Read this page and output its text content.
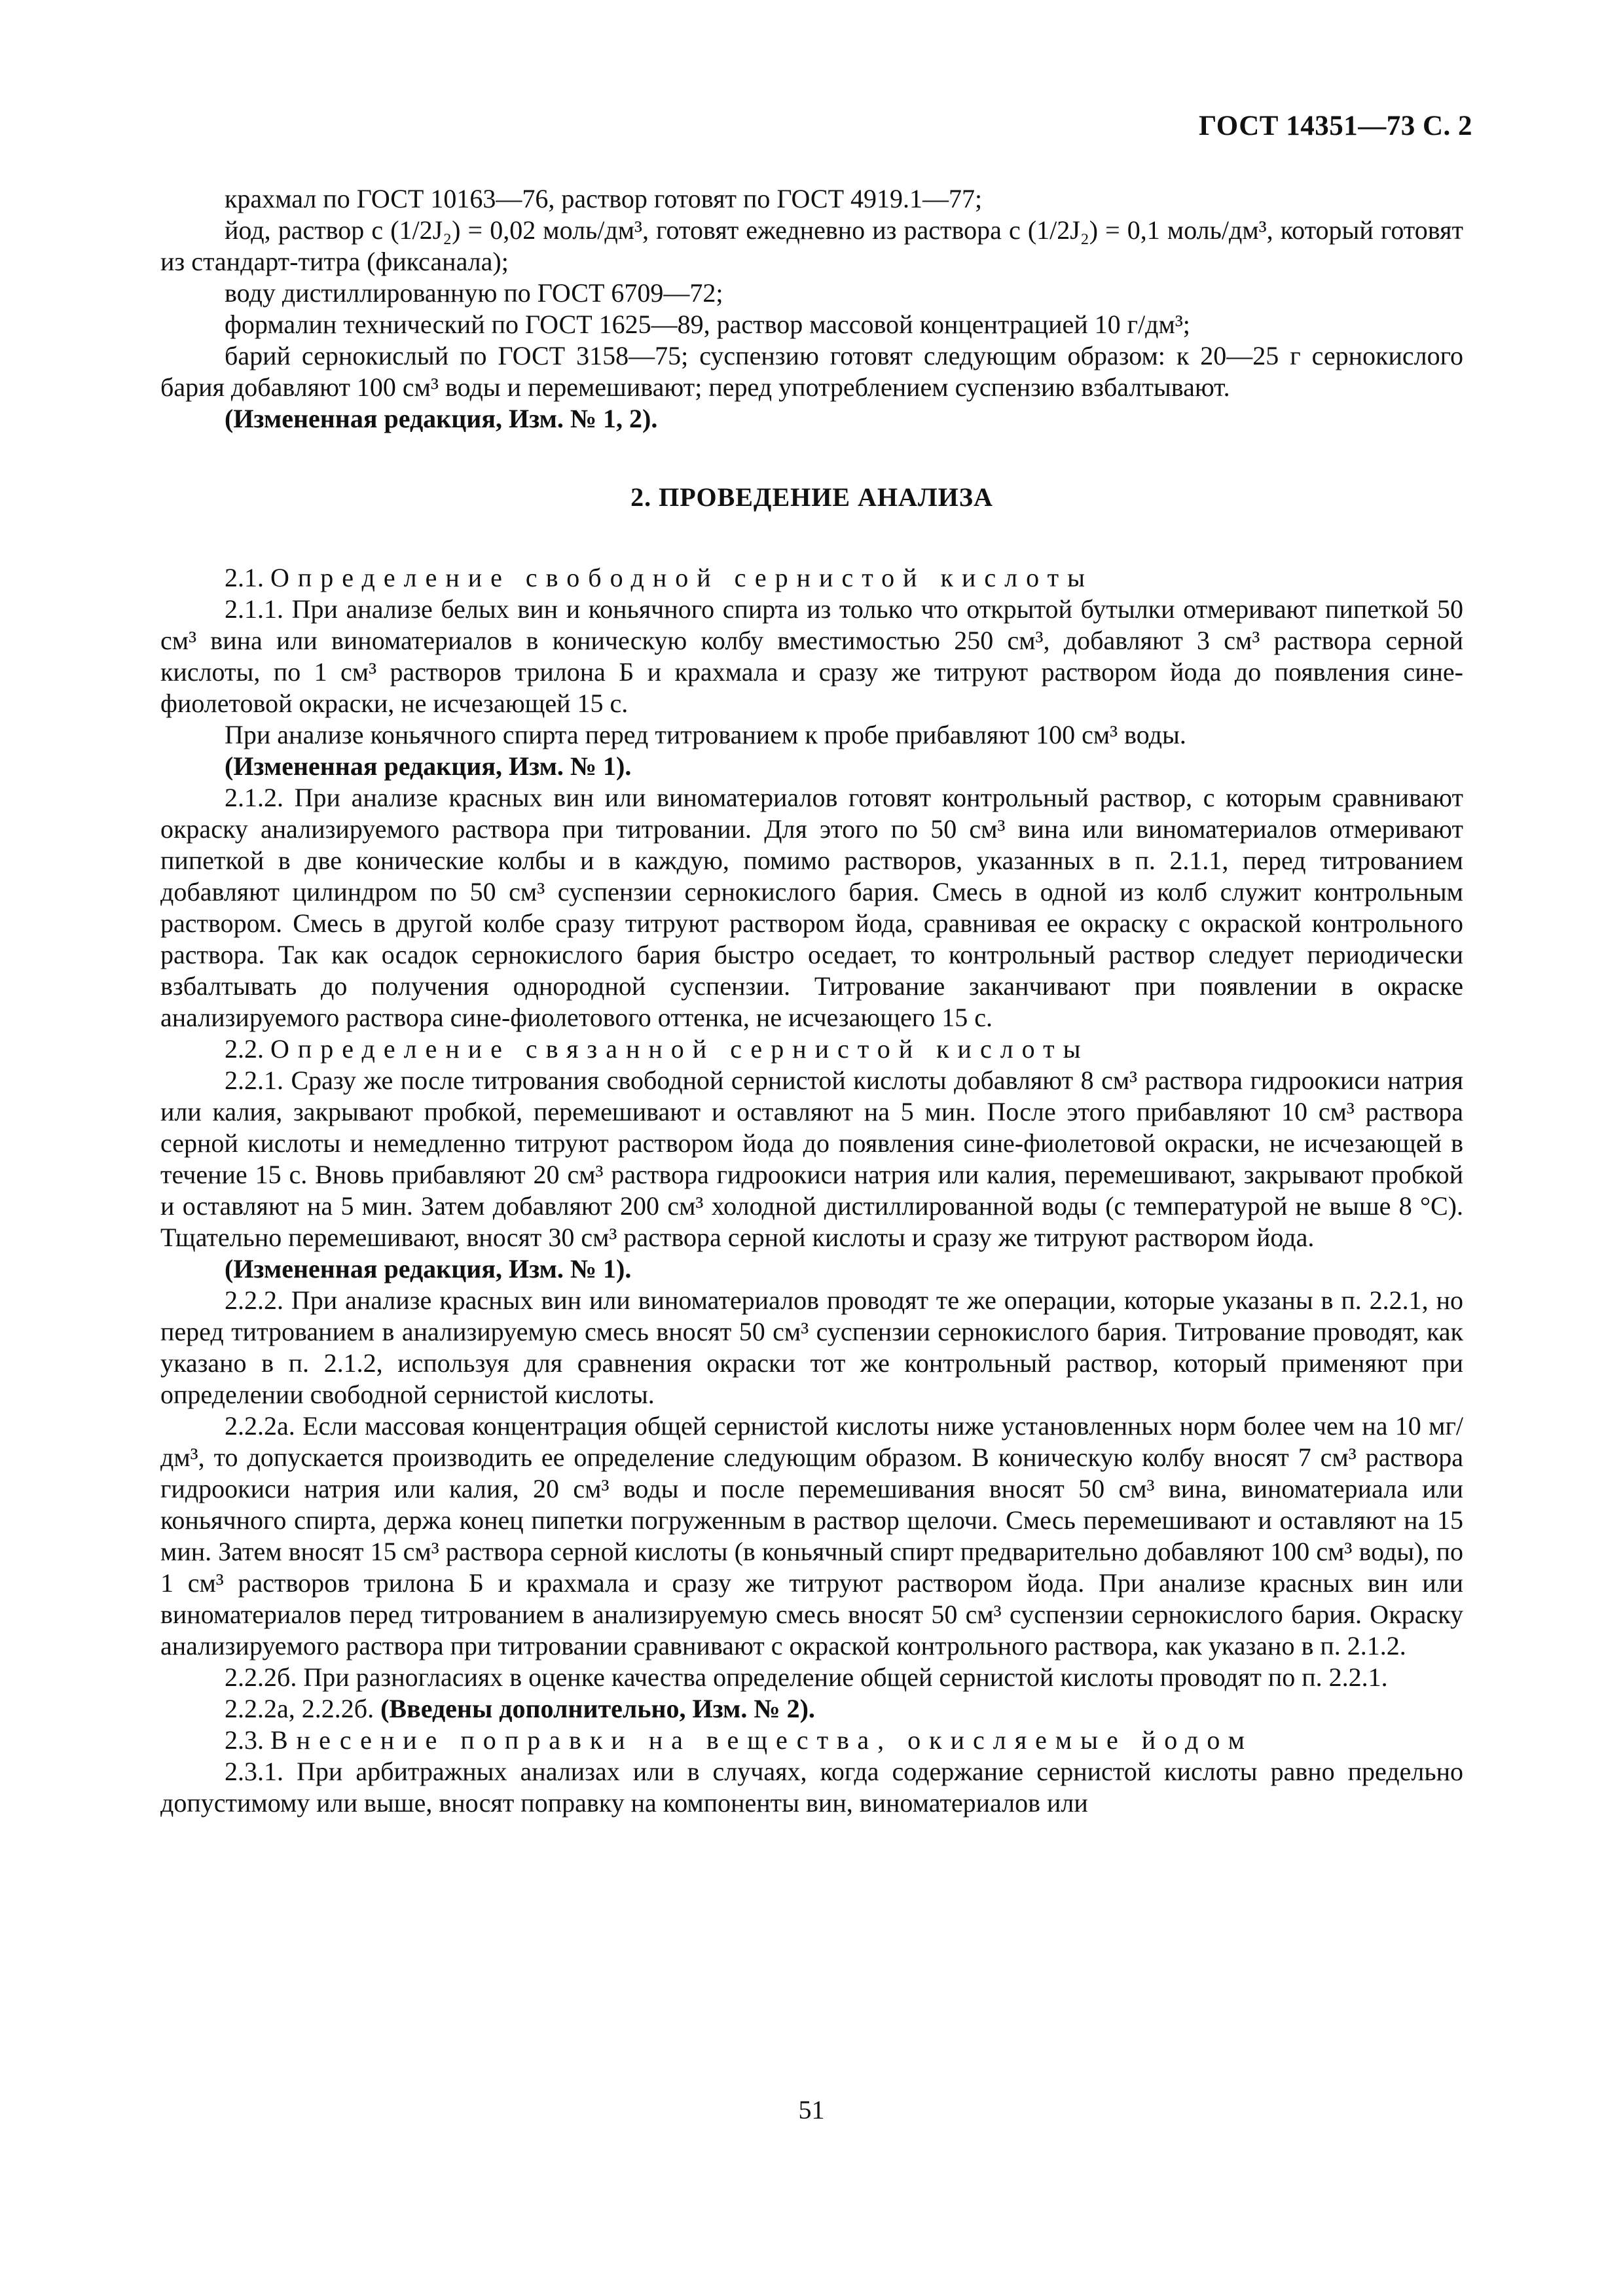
ГОСТ 14351—73 С. 2

крахмал по ГОСТ 10163—76, раствор готовят по ГОСТ 4919.1—77;

йод, раствор c (1/2J₂) = 0,02 моль/дм³, готовят ежедневно из раствора c (1/2J₂) = 0,1 моль/дм³, который готовят из стандарт-титра (фиксанала);

воду дистиллированную по ГОСТ 6709—72;

формалин технический по ГОСТ 1625—89, раствор массовой концентрацией 10 г/дм³;

барий сернокислый по ГОСТ 3158—75; суспензию готовят следующим образом: к 20—25 г сернокислого бария добавляют 100 см³ воды и перемешивают; перед употреблением суспензию взбалтывают.

(Измененная редакция, Изм. № 1, 2).

2. ПРОВЕДЕНИЕ АНАЛИЗА

2.1. Определение свободной сернистой кислоты

2.1.1. При анализе белых вин и коньячного спирта из только что открытой бутылки отмеривают пипеткой 50 см³ вина или виноматериалов в коническую колбу вместимостью 250 см³, добавляют 3 см³ раствора серной кислоты, по 1 см³ растворов трилона Б и крахмала и сразу же титруют раствором йода до появления сине-фиолетовой окраски, не исчезающей 15 с.

При анализе коньячного спирта перед титрованием к пробе прибавляют 100 см³ воды.

(Измененная редакция, Изм. № 1).

2.1.2. При анализе красных вин или виноматериалов готовят контрольный раствор, с которым сравнивают окраску анализируемого раствора при титровании. Для этого по 50 см³ вина или виноматериалов отмеривают пипеткой в две конические колбы и в каждую, помимо растворов, указанных в п. 2.1.1, перед титрованием добавляют цилиндром по 50 см³ суспензии сернокислого бария. Смесь в одной из колб служит контрольным раствором. Смесь в другой колбе сразу титруют раствором йода, сравнивая ее окраску с окраской контрольного раствора. Так как осадок сернокислого бария быстро оседает, то контрольный раствор следует периодически взбалтывать до получения однородной суспензии. Титрование заканчивают при появлении в окраске анализируемого раствора сине-фиолетового оттенка, не исчезающего 15 с.

2.2. Определение связанной сернистой кислоты

2.2.1. Сразу же после титрования свободной сернистой кислоты добавляют 8 см³ раствора гидроокиси натрия или калия, закрывают пробкой, перемешивают и оставляют на 5 мин. После этого прибавляют 10 см³ раствора серной кислоты и немедленно титруют раствором йода до появления сине-фиолетовой окраски, не исчезающей в течение 15 с. Вновь прибавляют 20 см³ раствора гидроокиси натрия или калия, перемешивают, закрывают пробкой и оставляют на 5 мин. Затем добавляют 200 см³ холодной дистиллированной воды (с температурой не выше 8 °С). Тщательно перемешивают, вносят 30 см³ раствора серной кислоты и сразу же титруют раствором йода.

(Измененная редакция, Изм. № 1).

2.2.2. При анализе красных вин или виноматериалов проводят те же операции, которые указаны в п. 2.2.1, но перед титрованием в анализируемую смесь вносят 50 см³ суспензии сернокислого бария. Титрование проводят, как указано в п. 2.1.2, используя для сравнения окраски тот же контрольный раствор, который применяют при определении свободной сернистой кислоты.

2.2.2а. Если массовая концентрация общей сернистой кислоты ниже установленных норм более чем на 10 мг/дм³, то допускается производить ее определение следующим образом. В коническую колбу вносят 7 см³ раствора гидроокиси натрия или калия, 20 см³ воды и после перемешивания вносят 50 см³ вина, виноматериала или коньячного спирта, держа конец пипетки погруженным в раствор щелочи. Смесь перемешивают и оставляют на 15 мин. Затем вносят 15 см³ раствора серной кислоты (в коньячный спирт предварительно добавляют 100 см³ воды), по 1 см³ растворов трилона Б и крахмала и сразу же титруют раствором йода. При анализе красных вин или виноматериалов перед титрованием в анализируемую смесь вносят 50 см³ суспензии сернокислого бария. Окраску анализируемого раствора при титровании сравнивают с окраской контрольного раствора, как указано в п. 2.1.2.

2.2.2б. При разногласиях в оценке качества определение общей сернистой кислоты проводят по п. 2.2.1.

2.2.2а, 2.2.2б. (Введены дополнительно, Изм. № 2).

2.3. Внесение поправки на вещества, окисляемые йодом

2.3.1. При арбитражных анализах или в случаях, когда содержание сернистой кислоты равно предельно допустимому или выше, вносят поправку на компоненты вин, виноматериалов или

51
